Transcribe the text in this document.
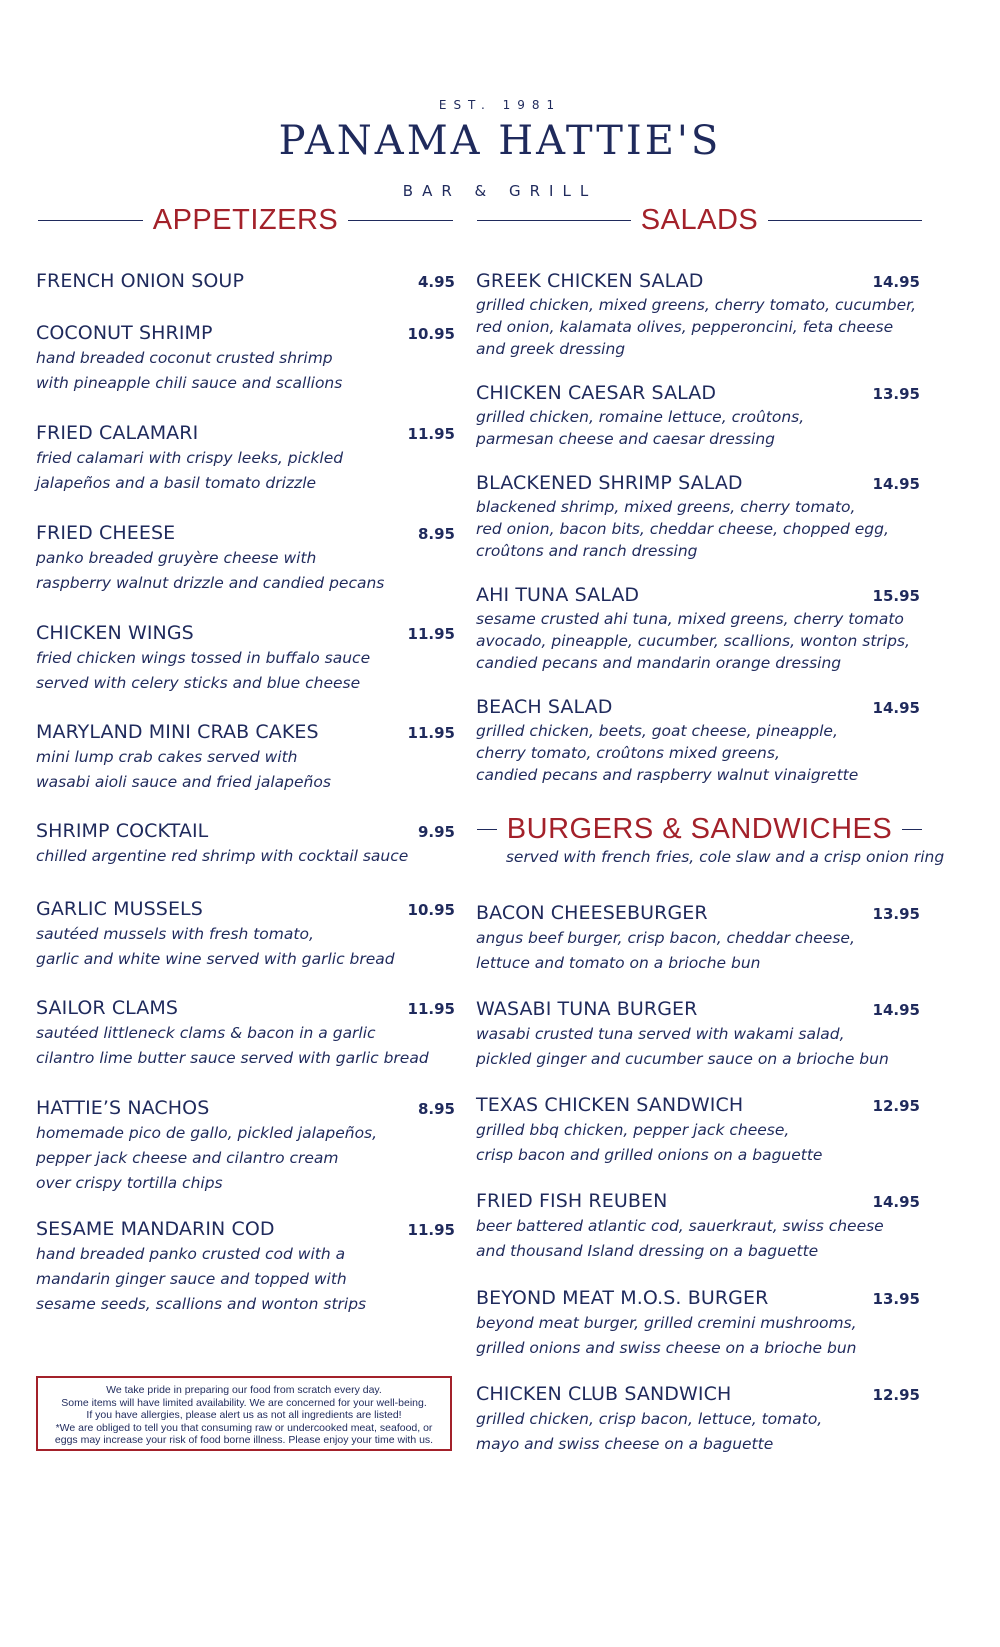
EST. 1981
PANAMA HATTIE'S
BAR & GRILL
APPETIZERS	SALADS
BURGERS & SANDWICHES
served with french fries, cole slaw and a crisp onion ring
FRENCH ONION SOUP	4.95
COCONUT SHRIMP	10.95
hand breaded coconut crusted shrimp
with pineapple chili sauce and scallions
FRIED CALAMARI	11.95
fried calamari with crispy leeks, pickled
jalapeños and a basil tomato drizzle
FRIED CHEESE	8.95
panko breaded gruyère cheese with
raspberry walnut drizzle and candied pecans
CHICKEN WINGS	11.95
fried chicken wings tossed in buffalo sauce
served with celery sticks and blue cheese
MARYLAND MINI CRAB CAKES	11.95
mini lump crab cakes served with
wasabi aioli sauce and fried jalapeños
SHRIMP COCKTAIL	9.95
chilled argentine red shrimp with cocktail sauce
GARLIC MUSSELS	10.95
sautéed mussels with fresh tomato,
garlic and white wine served with garlic bread
SAILOR CLAMS	11.95
sautéed littleneck clams & bacon in a garlic
cilantro lime butter sauce served with garlic bread
HATTIE’S NACHOS	8.95
homemade pico de gallo, pickled jalapeños,
pepper jack cheese and cilantro cream
over crispy tortilla chips
SESAME MANDARIN COD	11.95
hand breaded panko crusted cod with a
mandarin ginger sauce and topped with
sesame seeds, scallions and wonton strips
GREEK CHICKEN SALAD	14.95
grilled chicken, mixed greens, cherry tomato, cucumber,
red onion, kalamata olives, pepperoncini, feta cheese
and greek dressing
CHICKEN CAESAR SALAD	13.95
grilled chicken, romaine lettuce, croûtons,
parmesan cheese and caesar dressing
BLACKENED SHRIMP SALAD	14.95
blackened shrimp, mixed greens, cherry tomato,
red onion, bacon bits, cheddar cheese, chopped egg,
croûtons and ranch dressing
AHI TUNA SALAD	15.95
sesame crusted ahi tuna, mixed greens, cherry tomato
avocado, pineapple, cucumber, scallions, wonton strips,
candied pecans and mandarin orange dressing
BEACH SALAD	14.95
grilled chicken, beets, goat cheese, pineapple,
cherry tomato, croûtons mixed greens,
candied pecans and raspberry walnut vinaigrette
BACON CHEESEBURGER	13.95
angus beef burger, crisp bacon, cheddar cheese,
lettuce and tomato on a brioche bun
WASABI TUNA BURGER	14.95
wasabi crusted tuna served with wakami salad,
pickled ginger and cucumber sauce on a brioche bun
TEXAS CHICKEN SANDWICH	12.95
grilled bbq chicken, pepper jack cheese,
crisp bacon and grilled onions on a baguette
FRIED FISH REUBEN	14.95
beer battered atlantic cod, sauerkraut, swiss cheese
and thousand Island dressing on a baguette
BEYOND MEAT M.O.S. BURGER	13.95
beyond meat burger, grilled cremini mushrooms,
grilled onions and swiss cheese on a brioche bun
CHICKEN CLUB SANDWICH	12.95
grilled chicken, crisp bacon, lettuce, tomato,
mayo and swiss cheese on a baguette
We take pride in preparing our food from scratch every day.
Some items will have limited availability. We are concerned for your well-being.
If you have allergies, please alert us as not all ingredients are listed!
*We are obliged to tell you that consuming raw or undercooked meat, seafood, or
eggs may increase your risk of food borne illness. Please enjoy your time with us.
